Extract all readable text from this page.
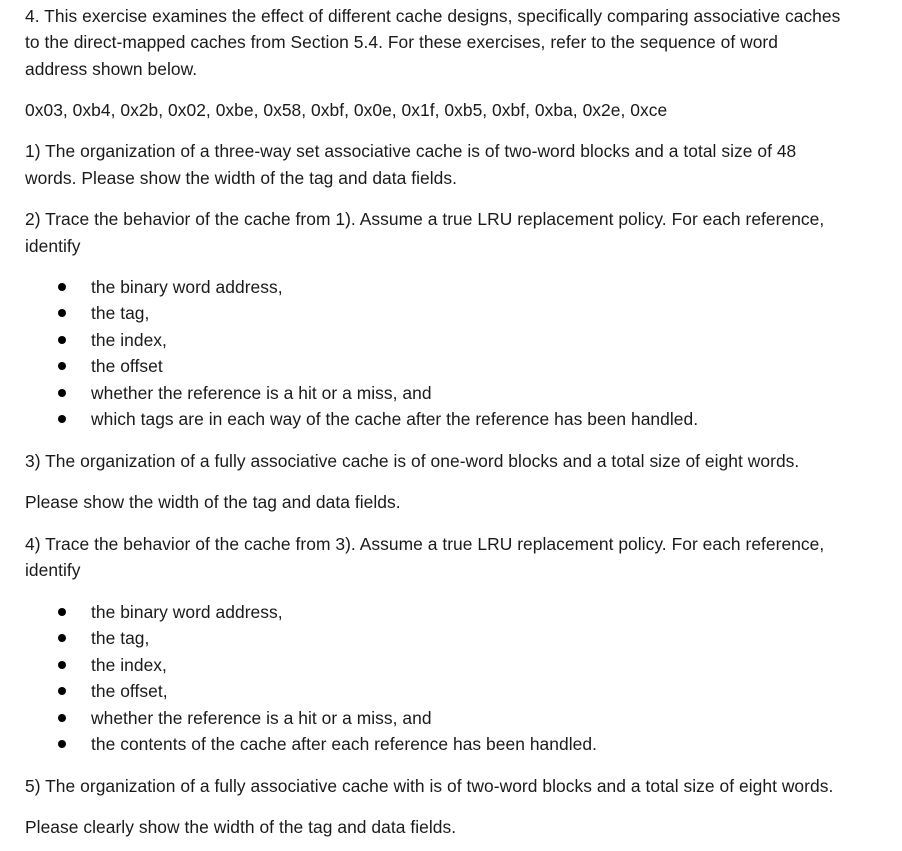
4. This exercise examines the effect of different cache designs, specifically comparing associative caches
to the direct-mapped caches from Section 5.4. For these exercises, refer to the sequence of word
address shown below.
0x03, 0xb4, 0x2b, 0x02, 0xbe, 0x58, 0xbf, 0x0e, 0x1f, 0xb5, 0xbf, 0xba, 0x2e, 0xce
1) The organization of a three-way set associative cache is of two-word blocks and a total size of 48
words. Please show the width of the tag and data fields.
2) Trace the behavior of the cache from 1). Assume a true LRU replacement policy. For each reference,
identify
the binary word address,
the tag,
the index,
the offset
whether the reference is a hit or a miss, and
which tags are in each way of the cache after the reference has been handled.
3) The organization of a fully associative cache is of one-word blocks and a total size of eight words.
Please show the width of the tag and data fields.
4) Trace the behavior of the cache from 3). Assume a true LRU replacement policy. For each reference,
identify
the binary word address,
the tag,
the index,
the offset,
whether the reference is a hit or a miss, and
the contents of the cache after each reference has been handled.
5) The organization of a fully associative cache with is of two-word blocks and a total size of eight words.
Please clearly show the width of the tag and data fields.
